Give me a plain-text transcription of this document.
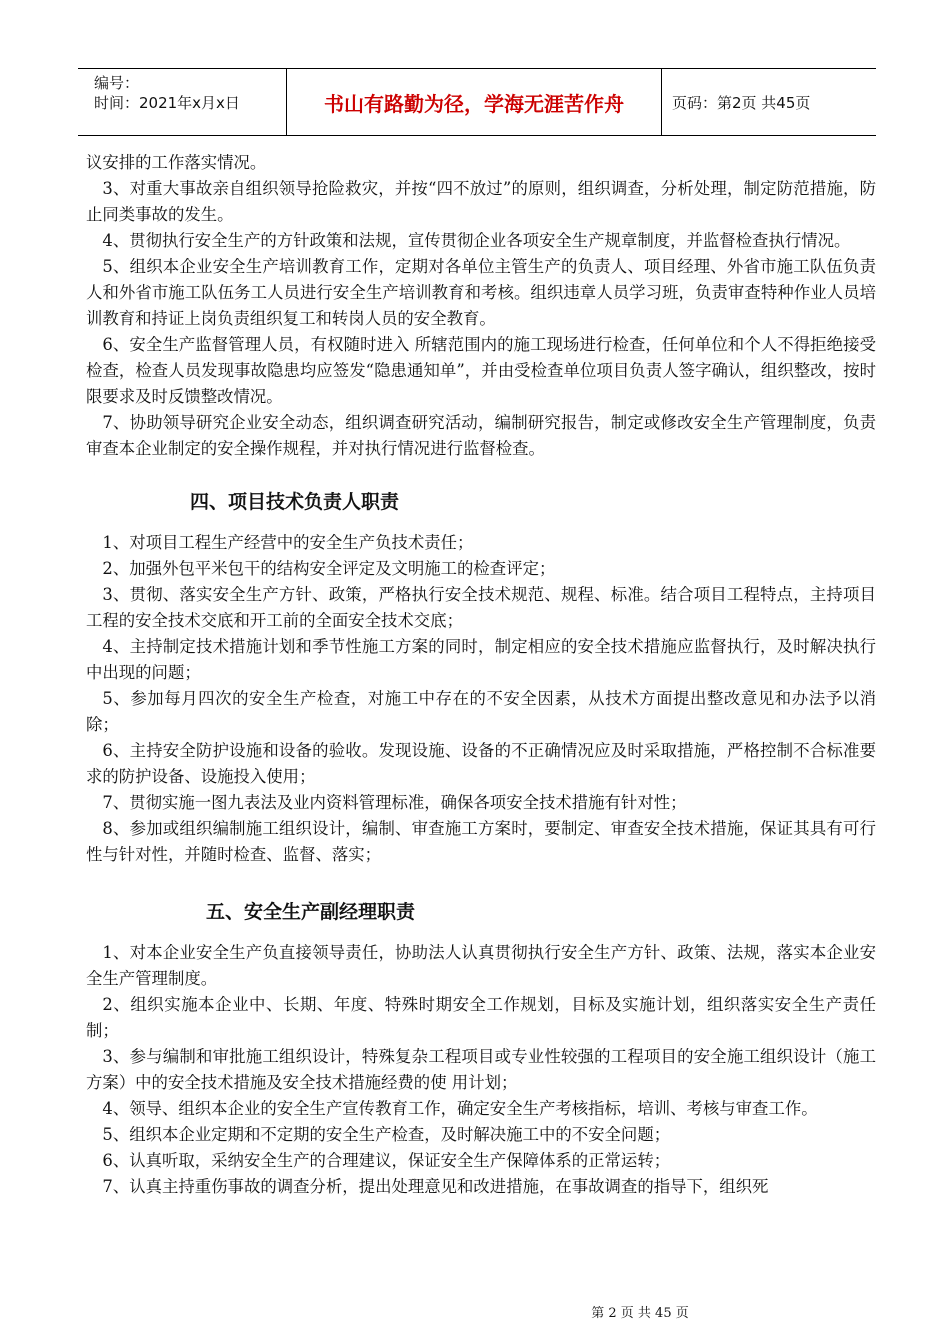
编号：
时间：2021年x月x日	书山有路勤为径，学海无涯苦作舟	页码：第2页 共45页

议安排的工作落实情况。

3、对重大事故亲自组织领导抢险救灾，并按“四不放过”的原则，组织调查，分析处理，制定防范措施，防止同类事故的发生。

4、贯彻执行安全生产的方针政策和法规，宣传贯彻企业各项安全生产规章制度，并监督检查执行情况。

5、组织本企业安全生产培训教育工作，定期对各单位主管生产的负责人、项目经理、外省市施工队伍负责人和外省市施工队伍务工人员进行安全生产培训教育和考核。组织违章人员学习班，负责审查特种作业人员培训教育和持证上岗负责组织复工和转岗人员的安全教育。

6、安全生产监督管理人员，有权随时进入 所辖范围内的施工现场进行检查，任何单位和个人不得拒绝接受检查，检查人员发现事故隐患均应签发“隐患通知单”，并由受检查单位项目负责人签字确认，组织整改，按时限要求及时反馈整改情况。

7、协助领导研究企业安全动态，组织调查研究活动，编制研究报告，制定或修改安全生产管理制度，负责审查本企业制定的安全操作规程，并对执行情况进行监督检查。

四、项目技术负责人职责

1、对项目工程生产经营中的安全生产负技术责任；

2、加强外包平米包干的结构安全评定及文明施工的检查评定；

3、贯彻、落实安全生产方针、政策，严格执行安全技术规范、规程、标准。结合项目工程特点，主持项目工程的安全技术交底和开工前的全面安全技术交底；

4、主持制定技术措施计划和季节性施工方案的同时，制定相应的安全技术措施应监督执行，及时解决执行中出现的问题；

5、参加每月四次的安全生产检查，对施工中存在的不安全因素，从技术方面提出整改意见和办法予以消除；

6、主持安全防护设施和设备的验收。发现设施、设备的不正确情况应及时采取措施，严格控制不合标准要求的防护设备、设施投入使用；

7、贯彻实施一图九表法及业内资料管理标准，确保各项安全技术措施有针对性；

8、参加或组织编制施工组织设计，编制、审查施工方案时，要制定、审查安全技术措施，保证其具有可行性与针对性，并随时检查、监督、落实；

五、安全生产副经理职责

1、对本企业安全生产负直接领导责任，协助法人认真贯彻执行安全生产方针、政策、法规，落实本企业安全生产管理制度。

2、组织实施本企业中、长期、年度、特殊时期安全工作规划，目标及实施计划，组织落实安全生产责任制；

3、参与编制和审批施工组织设计，特殊复杂工程项目或专业性较强的工程项目的安全施工组织设计（施工方案）中的安全技术措施及安全技术措施经费的使 用计划；

4、领导、组织本企业的安全生产宣传教育工作，确定安全生产考核指标，培训、考核与审查工作。

5、组织本企业定期和不定期的安全生产检查，及时解决施工中的不安全问题；

6、认真听取，采纳安全生产的合理建议，保证安全生产保障体系的正常运转；

7、认真主持重伤事故的调查分析，提出处理意见和改进措施，在事故调查的指导下，组织死

第 2 页 共 45 页
